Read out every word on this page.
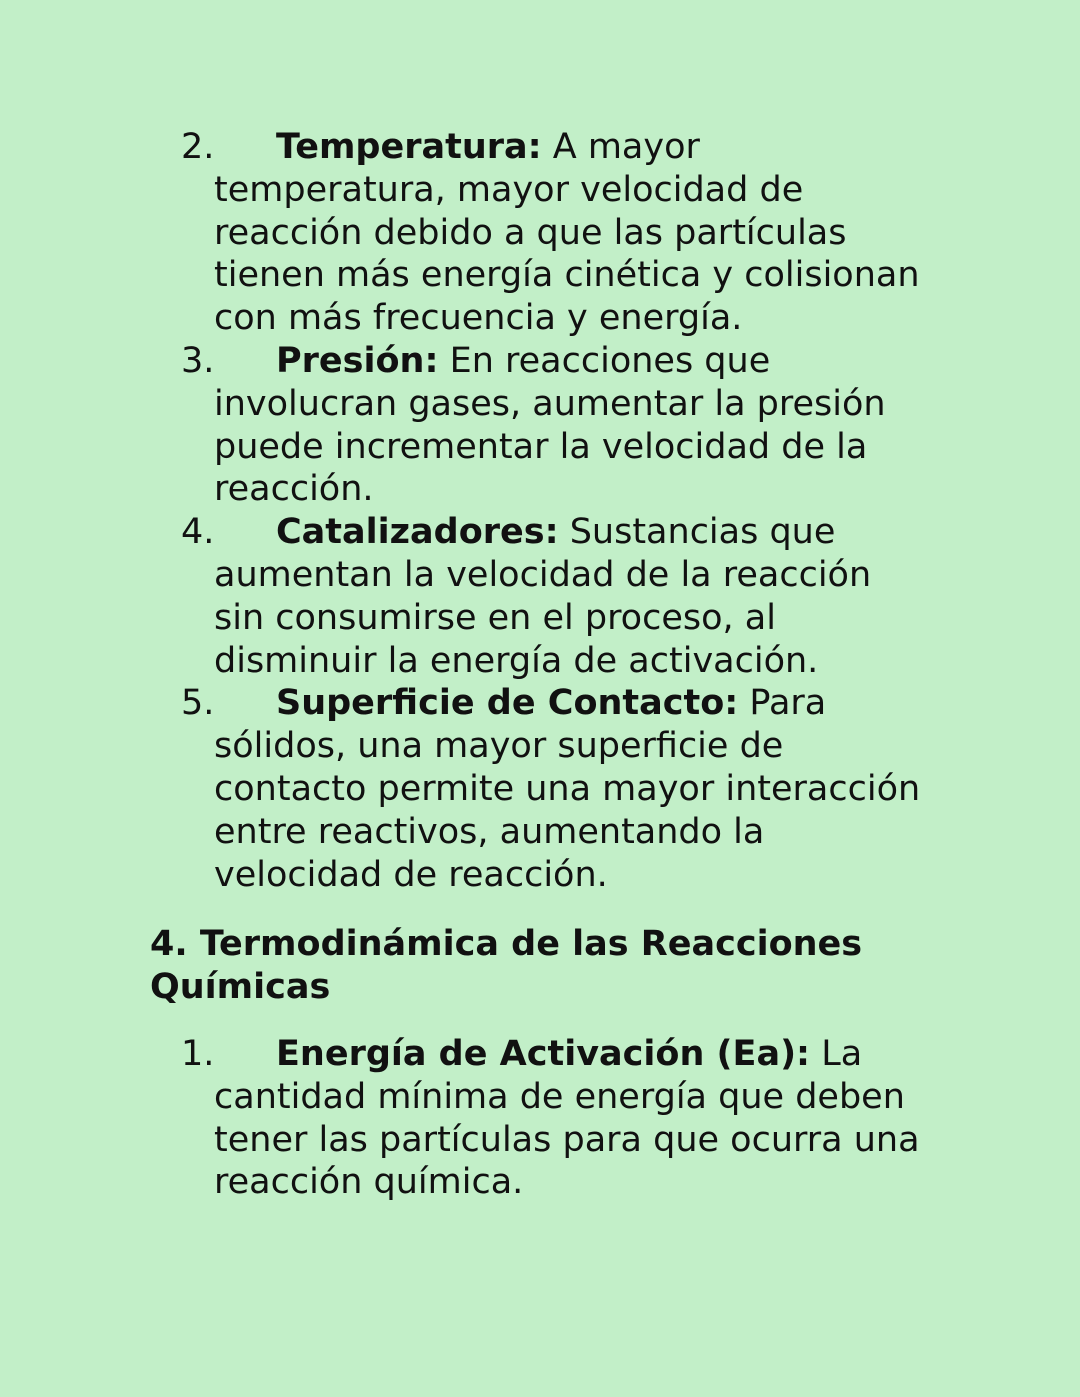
2. Temperatura: A mayor
temperatura, mayor velocidad de
reacción debido a que las partículas
tienen más energía cinética y colisionan
con más frecuencia y energía.
3. Presión: En reacciones que
involucran gases, aumentar la presión
puede incrementar la velocidad de la
reacción.
4. Catalizadores: Sustancias que
aumentan la velocidad de la reacción
sin consumirse en el proceso, al
disminuir la energía de activación.
5. Superficie de Contacto: Para
sólidos, una mayor superficie de
contacto permite una mayor interacción
entre reactivos, aumentando la
velocidad de reacción.
4. Termodinámica de las Reacciones Químicas
1. Energía de Activación (Ea): La
cantidad mínima de energía que deben
tener las partículas para que ocurra una
reacción química.
